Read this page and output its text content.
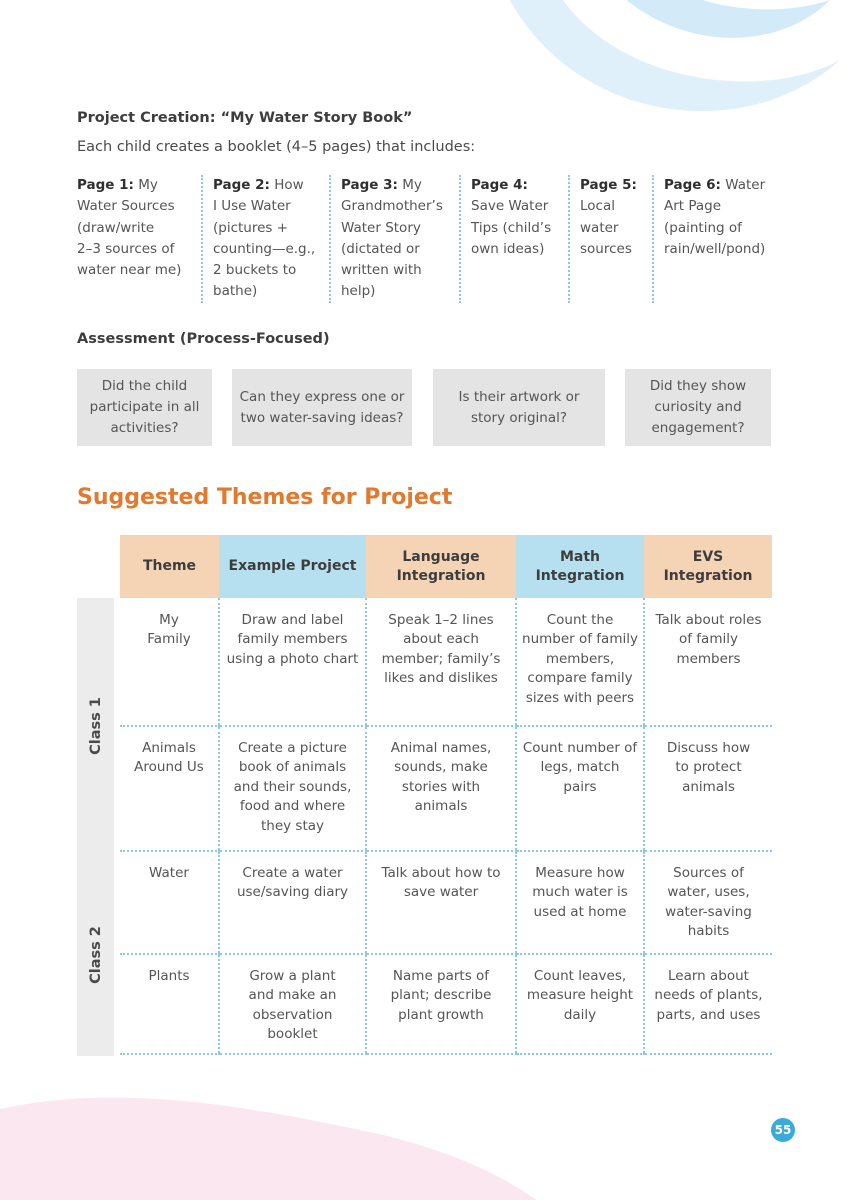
Project Creation: “My Water Story Book”
Each child creates a booklet (4–5 pages) that includes:
Page 1: My
Water Sources
(draw/write
2–3 sources of
water near me)
Page 2: How
I Use Water
(pictures +
counting—e.g.,
2 buckets to
bathe)
Page 3: My
Grandmother’s
Water Story
(dictated or
written with
help)
Page 4:
Save Water
Tips (child’s
own ideas)
Page 5:
Local
water
sources
Page 6: Water
Art Page
(painting of
rain/well/pond)
Assessment (Process-Focused)
Did the child participate in all activities?
Can they express one or two water-saving ideas?
Is their artwork or story original?
Did they show curiosity and engagement?
Suggested Themes for Project
Class 1
Class 2
Theme	Example Project	Language Integration	Math Integration	EVS Integration
My Family	Draw and label family members using a photo chart	Speak 1–2 lines about each member; family’s likes and dislikes	Count the number of family members, compare family sizes with peers	Talk about roles of family members
Animals Around Us	Create a picture book of animals and their sounds, food and where they stay	Animal names, sounds, make stories with animals	Count number of legs, match pairs	Discuss how to protect animals
Water	Create a water use/saving diary	Talk about how to save water	Measure how much water is used at home	Sources of water, uses, water-saving habits
Plants	Grow a plant and make an observation booklet	Name parts of plant; describe plant growth	Count leaves, measure height daily	Learn about needs of plants, parts, and uses
55
